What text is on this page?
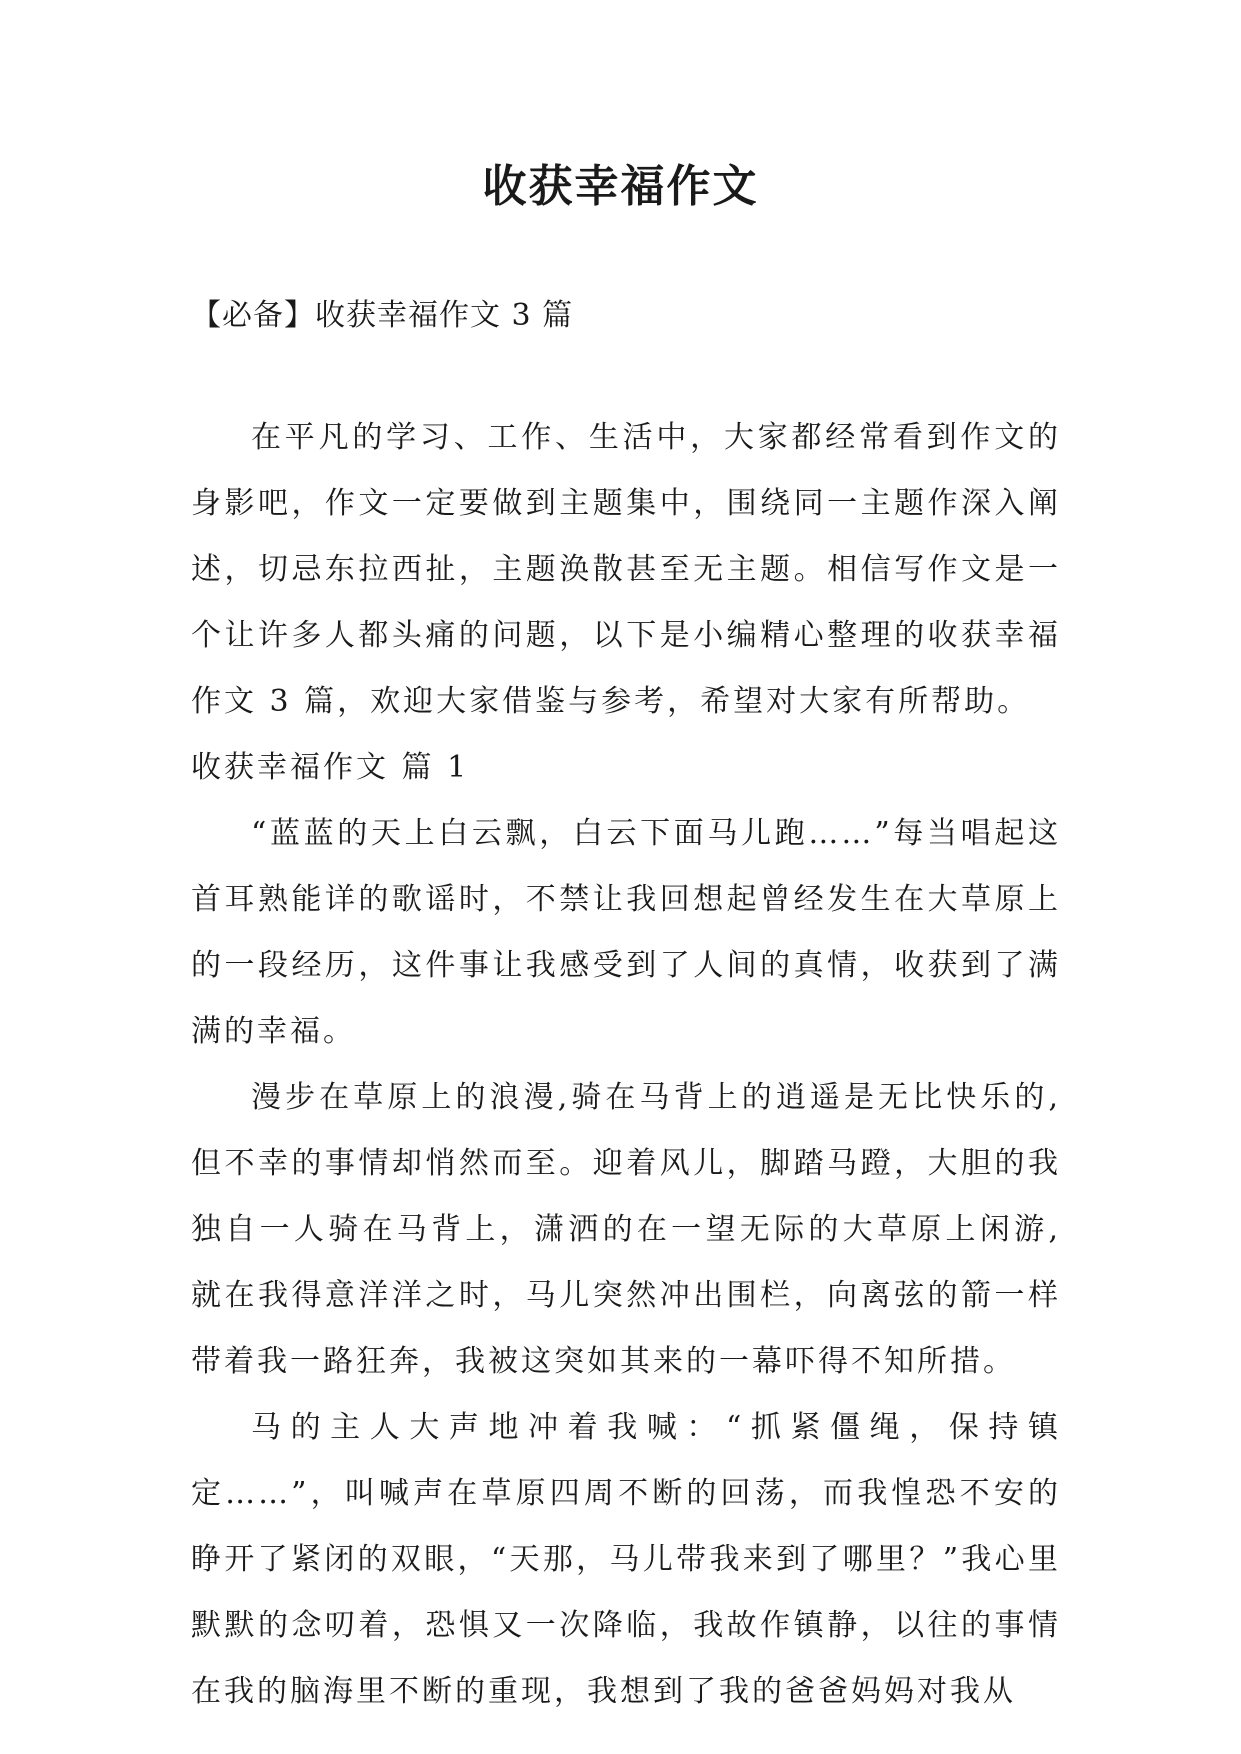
收获幸福作文

【必备】收获幸福作文 3 篇

在平凡的学习、工作、生活中，大家都经常看到作文的身影吧，作文一定要做到主题集中，围绕同一主题作深入阐述，切忌东拉西扯，主题涣散甚至无主题。相信写作文是一个让许多人都头痛的问题，以下是小编精心整理的收获幸福作文 3 篇，欢迎大家借鉴与参考，希望对大家有所帮助。

收获幸福作文 篇 1

“蓝蓝的天上白云飘，白云下面马儿跑……”每当唱起这首耳熟能详的歌谣时，不禁让我回想起曾经发生在大草原上的一段经历，这件事让我感受到了人间的真情，收获到了满满的幸福。

漫步在草原上的浪漫,骑在马背上的逍遥是无比快乐的,但不幸的事情却悄然而至。迎着风儿，脚踏马蹬，大胆的我独自一人骑在马背上，潇洒的在一望无际的大草原上闲游,就在我得意洋洋之时，马儿突然冲出围栏，向离弦的箭一样带着我一路狂奔，我被这突如其来的一幕吓得不知所措。

马的主人大声地冲着我喊：“抓紧僵绳，保持镇定……”，叫喊声在草原四周不断的回荡，而我惶恐不安的睁开了紧闭的双眼，“天那，马儿带我来到了哪里？”我心里默默的念叨着，恐惧又一次降临，我故作镇静，以往的事情在我的脑海里不断的重现，我想到了我的爸爸妈妈对我从
